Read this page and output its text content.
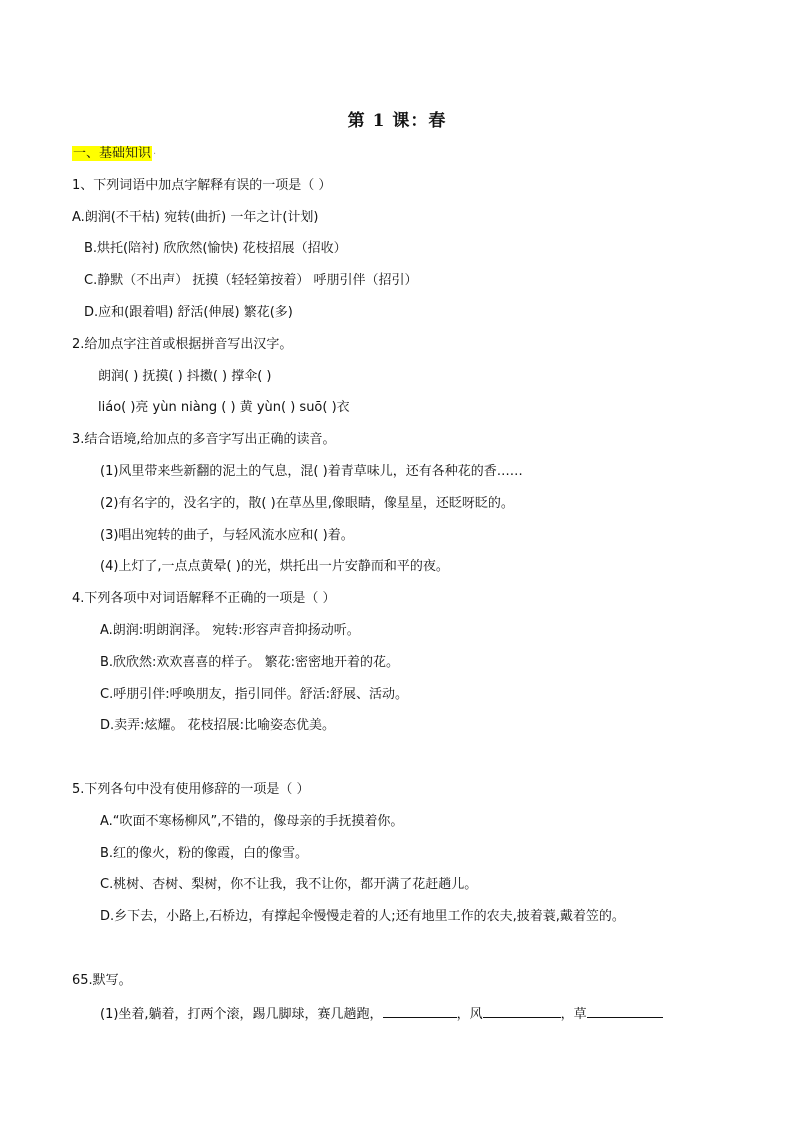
第 1 课：春
一、基础知识 ·
1、下列词语中加点字解释有误的一项是（ ）
A.朗润(不干枯) 宛转(曲折) 一年之计(计划)
B.烘托(陪衬) 欣欣然(愉快) 花枝招展（招收）
C.静默（不出声） 抚摸（轻轻第按着） 呼朋引伴（招引）
D.应和(跟着唱) 舒活(伸展) 繁花(多)
2.给加点字注首或根据拼音写出汉字。
朗润( ) 抚摸( ) 抖擞( ) 撑伞( )
liáo( )亮 yùn niàng ( ) 黄 yùn( ) suō( )衣
3.结合语境,给加点的多音字写出正确的读音。
(1)风里带来些新翻的泥土的气息，混( )着青草味儿，还有各种花的香……
(2)有名字的，没名字的，散( )在草丛里,像眼睛，像星星，还眨呀眨的。
(3)唱出宛转的曲子，与轻风流水应和( )着。
(4)上灯了,一点点黄晕( )的光，烘托出一片安静而和平的夜。
4.下列各项中对词语解释不正确的一项是（ ）
A.朗润:明朗润泽。 宛转:形容声音抑扬动听。
B.欣欣然:欢欢喜喜的样子。 繁花:密密地开着的花。
C.呼朋引伴:呼唤朋友，指引同伴。舒活:舒展、活动。
D.卖弄:炫耀。 花枝招展:比喻姿态优美。
5.下列各句中没有使用修辞的一项是（ ）
A.“吹面不寒杨柳风”,不错的，像母亲的手抚摸着你。
B.红的像火，粉的像霞，白的像雪。
C.桃树、杏树、梨树，你不让我，我不让你，都开满了花赶趟儿。
D.乡下去，小路上,石桥边，有撑起伞慢慢走着的人;还有地里工作的农夫,披着蓑,戴着笠的。
65.默写。
(1)坐着,躺着，打两个滚，踢几脚球，赛几趟跑，	，风	，草
